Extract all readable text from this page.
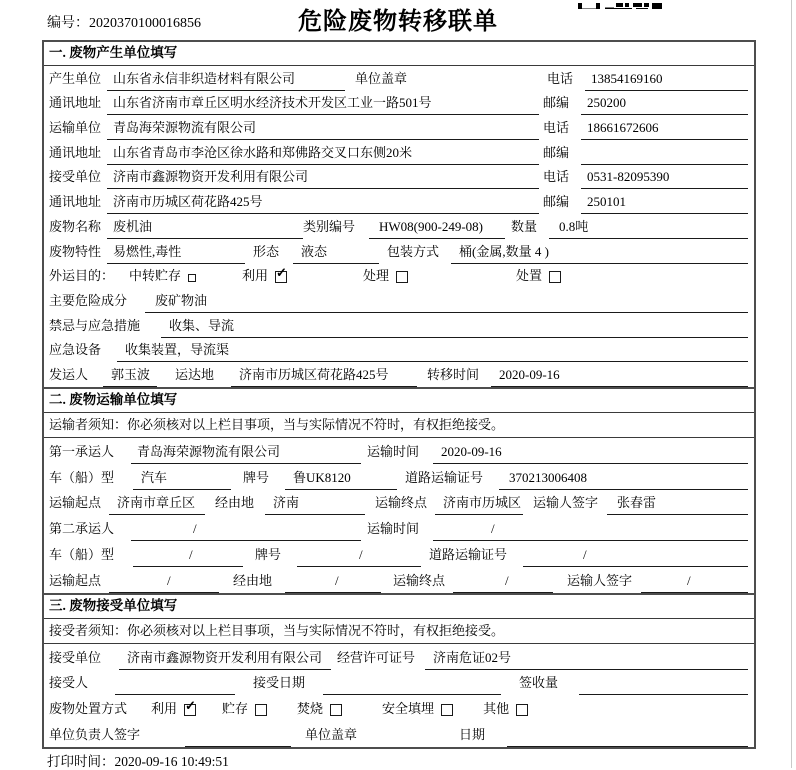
编号：2020370100016856	危险废物转移联单
一. 废物产生单位填写
产生单位 山东省永信非织造材料有限公司	单位盖章	电话	13854169160
通讯地址 山东省济南市章丘区明水经济技术开发区工业一路501号	邮编	250200
运输单位 青岛海荣源物流有限公司	电话	18661672606
通讯地址 山东省青岛市李沧区徐水路和郑佛路交叉口东侧20米	邮编
接受单位 济南市鑫源物资开发利用有限公司	电话	0531-82095390
通讯地址 济南市历城区荷花路425号	邮编	250101
废物名称 废机油	类别编号	HW08(900-249-08)	数量	0.8吨
废物特性 易燃性,毒性	形态	液态	包装方式	桶(金属,数量 4 )
外运目的：	中转贮存	利用 ✓	处理	处置
主要危险成分	废矿物油
禁忌与应急措施	收集、导流
应急设备	收集装置，导流渠
发运人	郭玉波	运达地	济南市历城区荷花路425号	转移时间	2020-09-16
二. 废物运输单位填写
运输者须知：你必须核对以上栏目事项，当与实际情况不符时，有权拒绝接受。
第一承运人	青岛海荣源物流有限公司	运输时间	2020-09-16
车（船）型	汽车	牌号	鲁UK8120	道路运输证号	370213006408
运输起点	济南市章丘区	经由地	济南	运输终点	济南市历城区 运输人签字	张春雷
第二承运人	/	运输时间	/
车（船）型	/	牌号	/	道路运输证号	/
运输起点	/	经由地	/	运输终点	/	运输人签字	/
三. 废物接受单位填写
接受者须知：你必须核对以上栏目事项，当与实际情况不符时，有权拒绝接受。
接受单位	济南市鑫源物资开发利用有限公司	经营许可证号	济南危证02号
接受人	接受日期	签收量
废物处置方式	利用 ✓ 贮存	焚烧	安全填埋	其他
单位负责人签字	单位盖章	日期
打印时间：2020-09-16 10:49:51
